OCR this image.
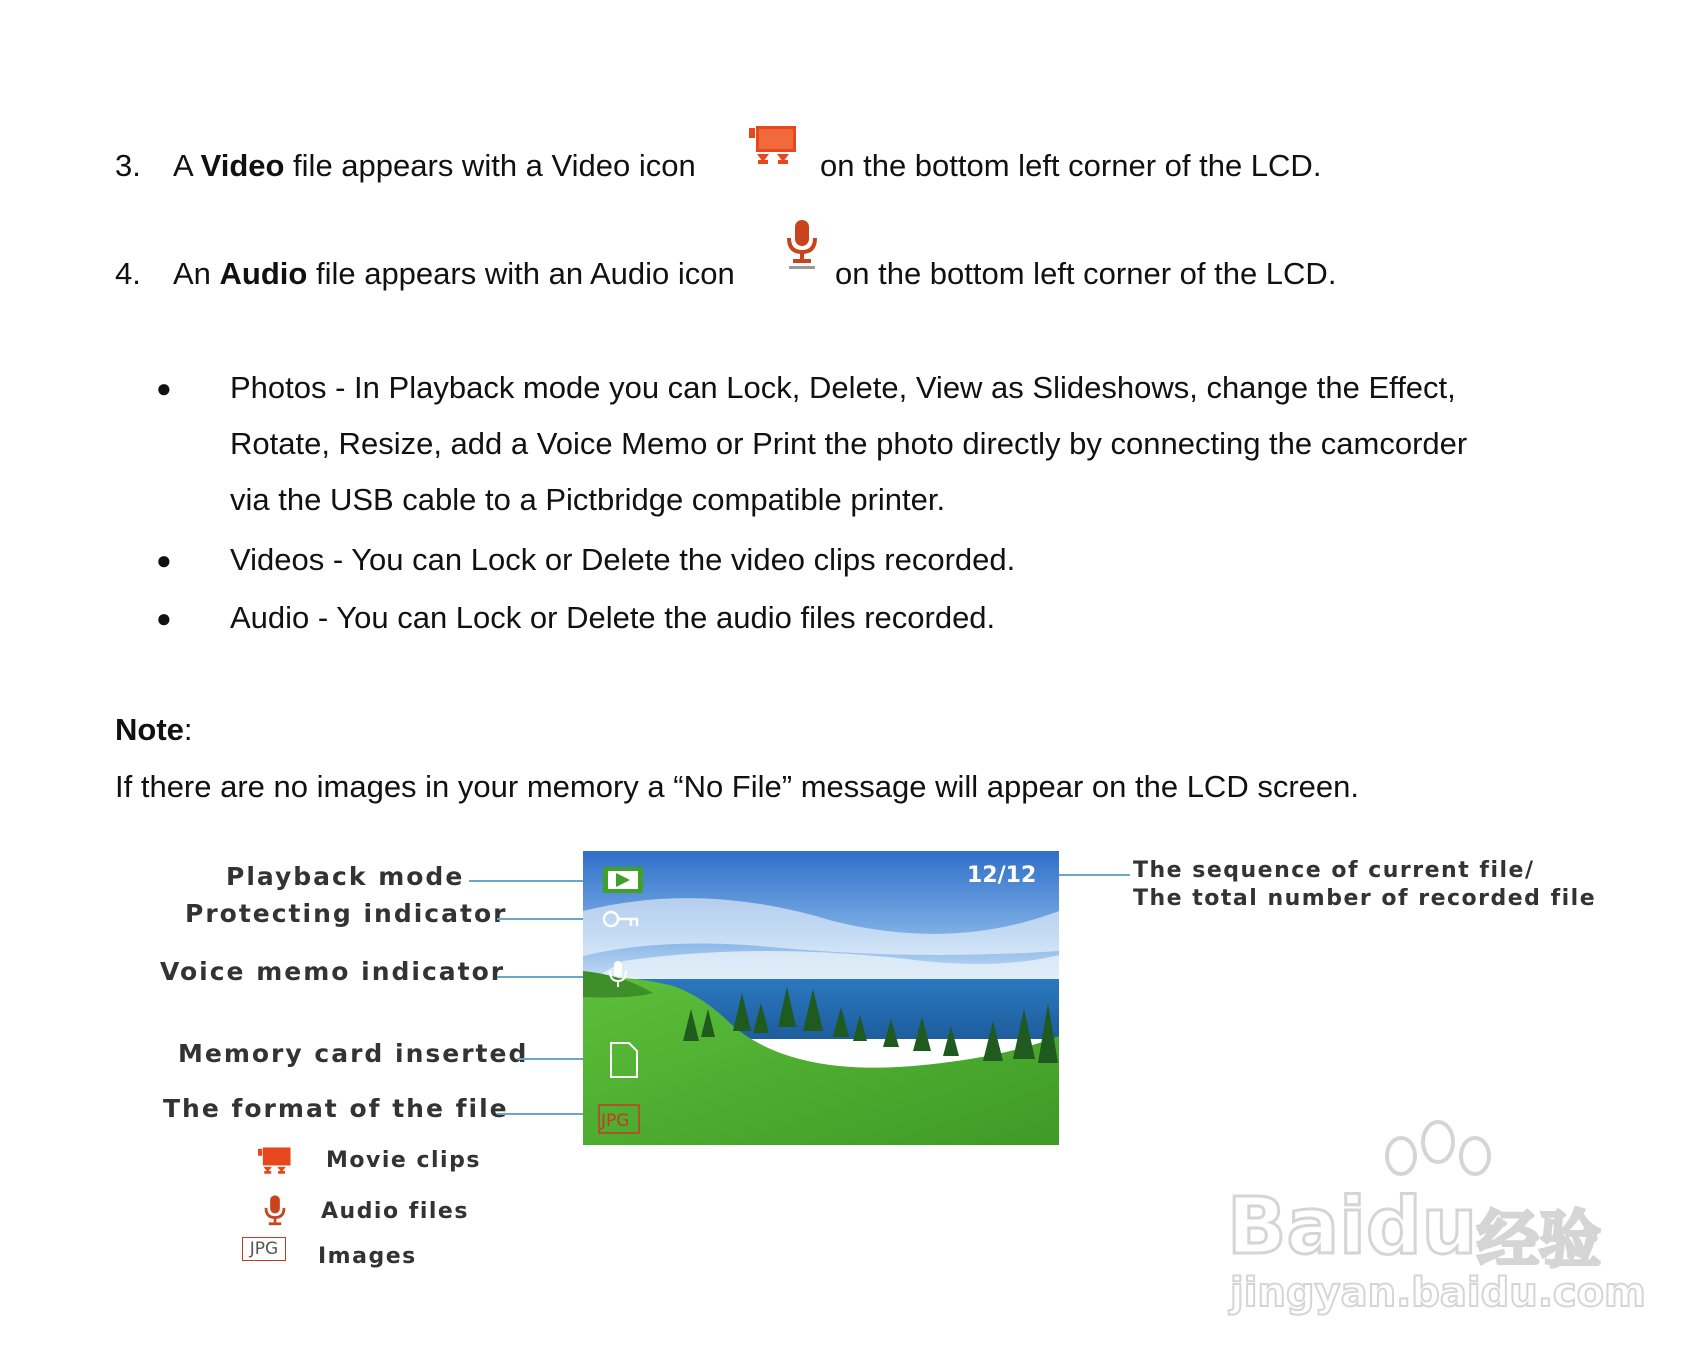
3. A Video file appears with a Video icon	on the bottom left corner of the LCD.
4. An Audio file appears with an Audio icon	on the bottom left corner of the LCD.
● Photos - In Playback mode you can Lock, Delete, View as Slideshows, change the Effect,
Rotate, Resize, add a Voice Memo or Print the photo directly by connecting the camcorder
via the USB cable to a Pictbridge compatible printer.
● Videos - You can Lock or Delete the video clips recorded.
● Audio - You can Lock or Delete the audio files recorded.
Note:
If there are no images in your memory a “No File” message will appear on the LCD screen.
Playback mode
Protecting indicator
Voice memo indicator
Memory card inserted
The format of the file
12/12
JPG
The sequence of current file/
The total number of recorded file
Movie clips
Audio files
JPG	Images	Baidu 经验
jingyan.baidu.com
